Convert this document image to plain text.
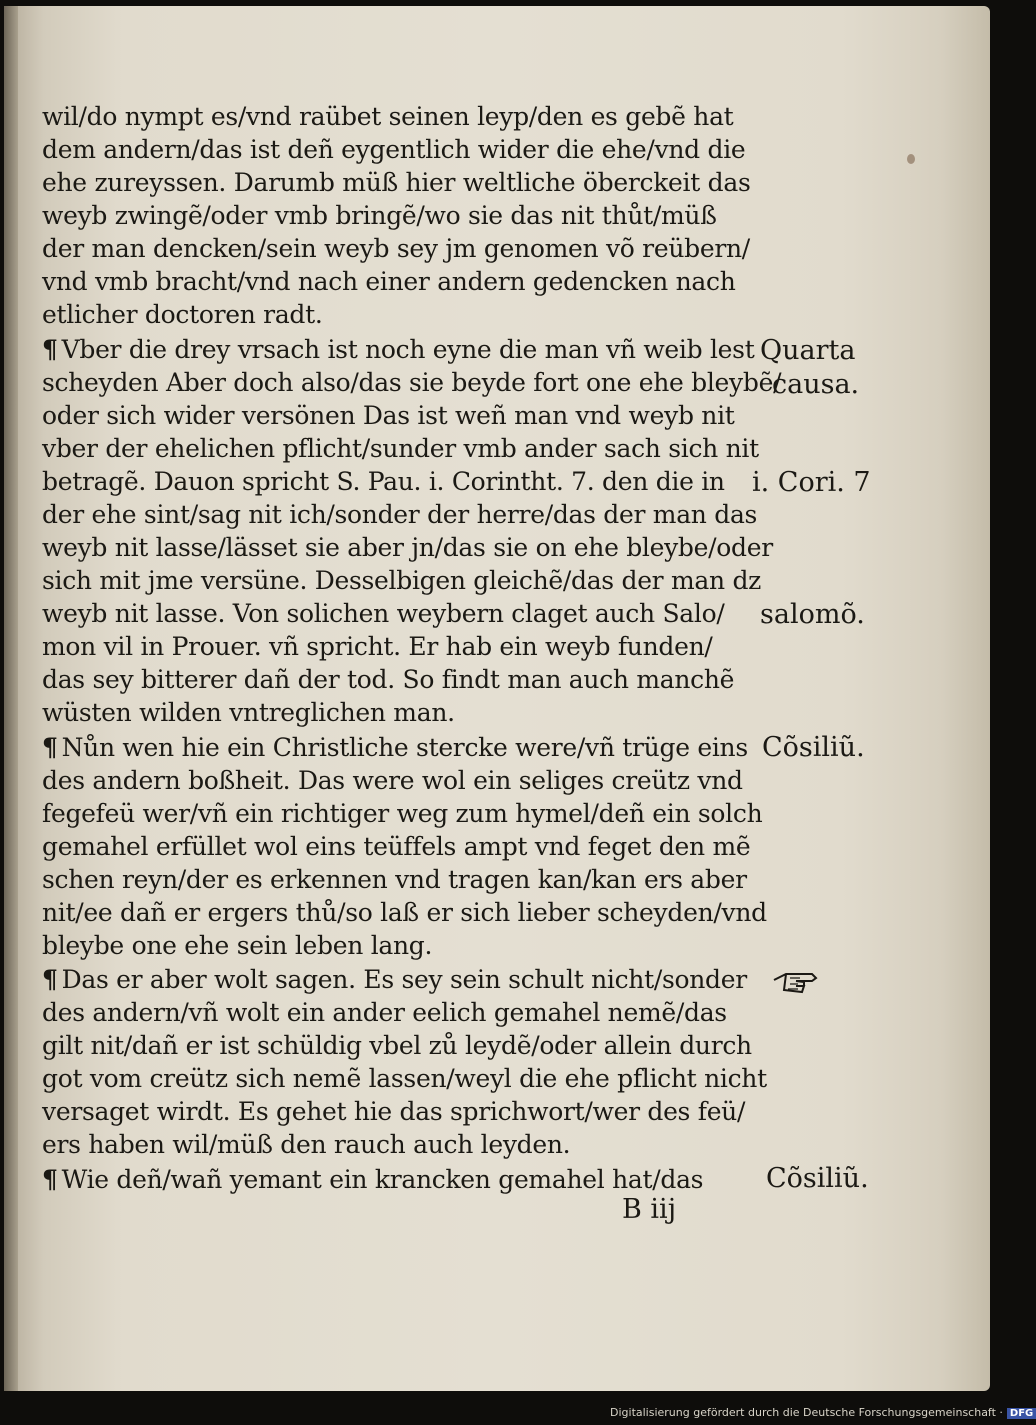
wil/do nympt es/vnd raübet seinen leyp/den es gebẽ hat
dem andern/das ist deñ eygentlich wider die ehe/vnd die
ehe zureyssen. Darumb müß hier weltliche öberckeit das
weyb zwingẽ/oder vmb bringẽ/wo sie das nit thůt/müß
der man dencken/sein weyb sey jm genomen võ reübern/
vnd vmb bracht/vnd nach einer andern gedencken nach
etlicher doctoren radt.
¶ Vber die drey vrsach ist noch eyne die man vñ weib lest
scheyden Aber doch also/das sie beyde fort one ehe bleybẽ/
oder sich wider versönen Das ist weñ man vnd weyb nit
vber der ehelichen pflicht/sunder vmb ander sach sich nit
betragẽ. Dauon spricht S. Pau. i. Corintht. 7. den die in
der ehe sint/sag nit ich/sonder der herre/das der man das
weyb nit lasse/lässet sie aber jn/das sie on ehe bleybe/oder
sich mit jme versüne. Desselbigen gleichẽ/das der man dz
weyb nit lasse. Von solichen weybern claget auch Salo/
mon vil in Prouer. vñ spricht. Er hab ein weyb funden/
das sey bitterer dañ der tod. So findt man auch manchẽ
wüsten wilden vntreglichen man.
¶ Nůn wen hie ein Christliche stercke were/vñ trüge eins
des andern boßheit. Das were wol ein seliges creütz vnd
fegefeü wer/vñ ein richtiger weg zum hymel/deñ ein solch
gemahel erfüllet wol eins teüffels ampt vnd feget den mẽ
schen reyn/der es erkennen vnd tragen kan/kan ers aber
nit/ee dañ er ergers thů/so laß er sich lieber scheyden/vnd
bleybe one ehe sein leben lang.
¶ Das er aber wolt sagen. Es sey sein schult nicht/sonder
des andern/vñ wolt ein ander eelich gemahel nemẽ/das
gilt nit/dañ er ist schüldig vbel zů leydẽ/oder allein durch
got vom creütz sich nemẽ lassen/weyl die ehe pflicht nicht
versaget wirdt. Es gehet hie das sprichwort/wer des feü/
ers haben wil/müß den rauch auch leyden.
¶ Wie deñ/wañ yemant ein krancken gemahel hat/das
Quarta
causa.
i. Cori. 7
salomõ.
Cõsiliũ.
Cõsiliũ.
B iij
Digitalisierung gefördert durch die Deutsche Forschungsgemeinschaft · DFG
